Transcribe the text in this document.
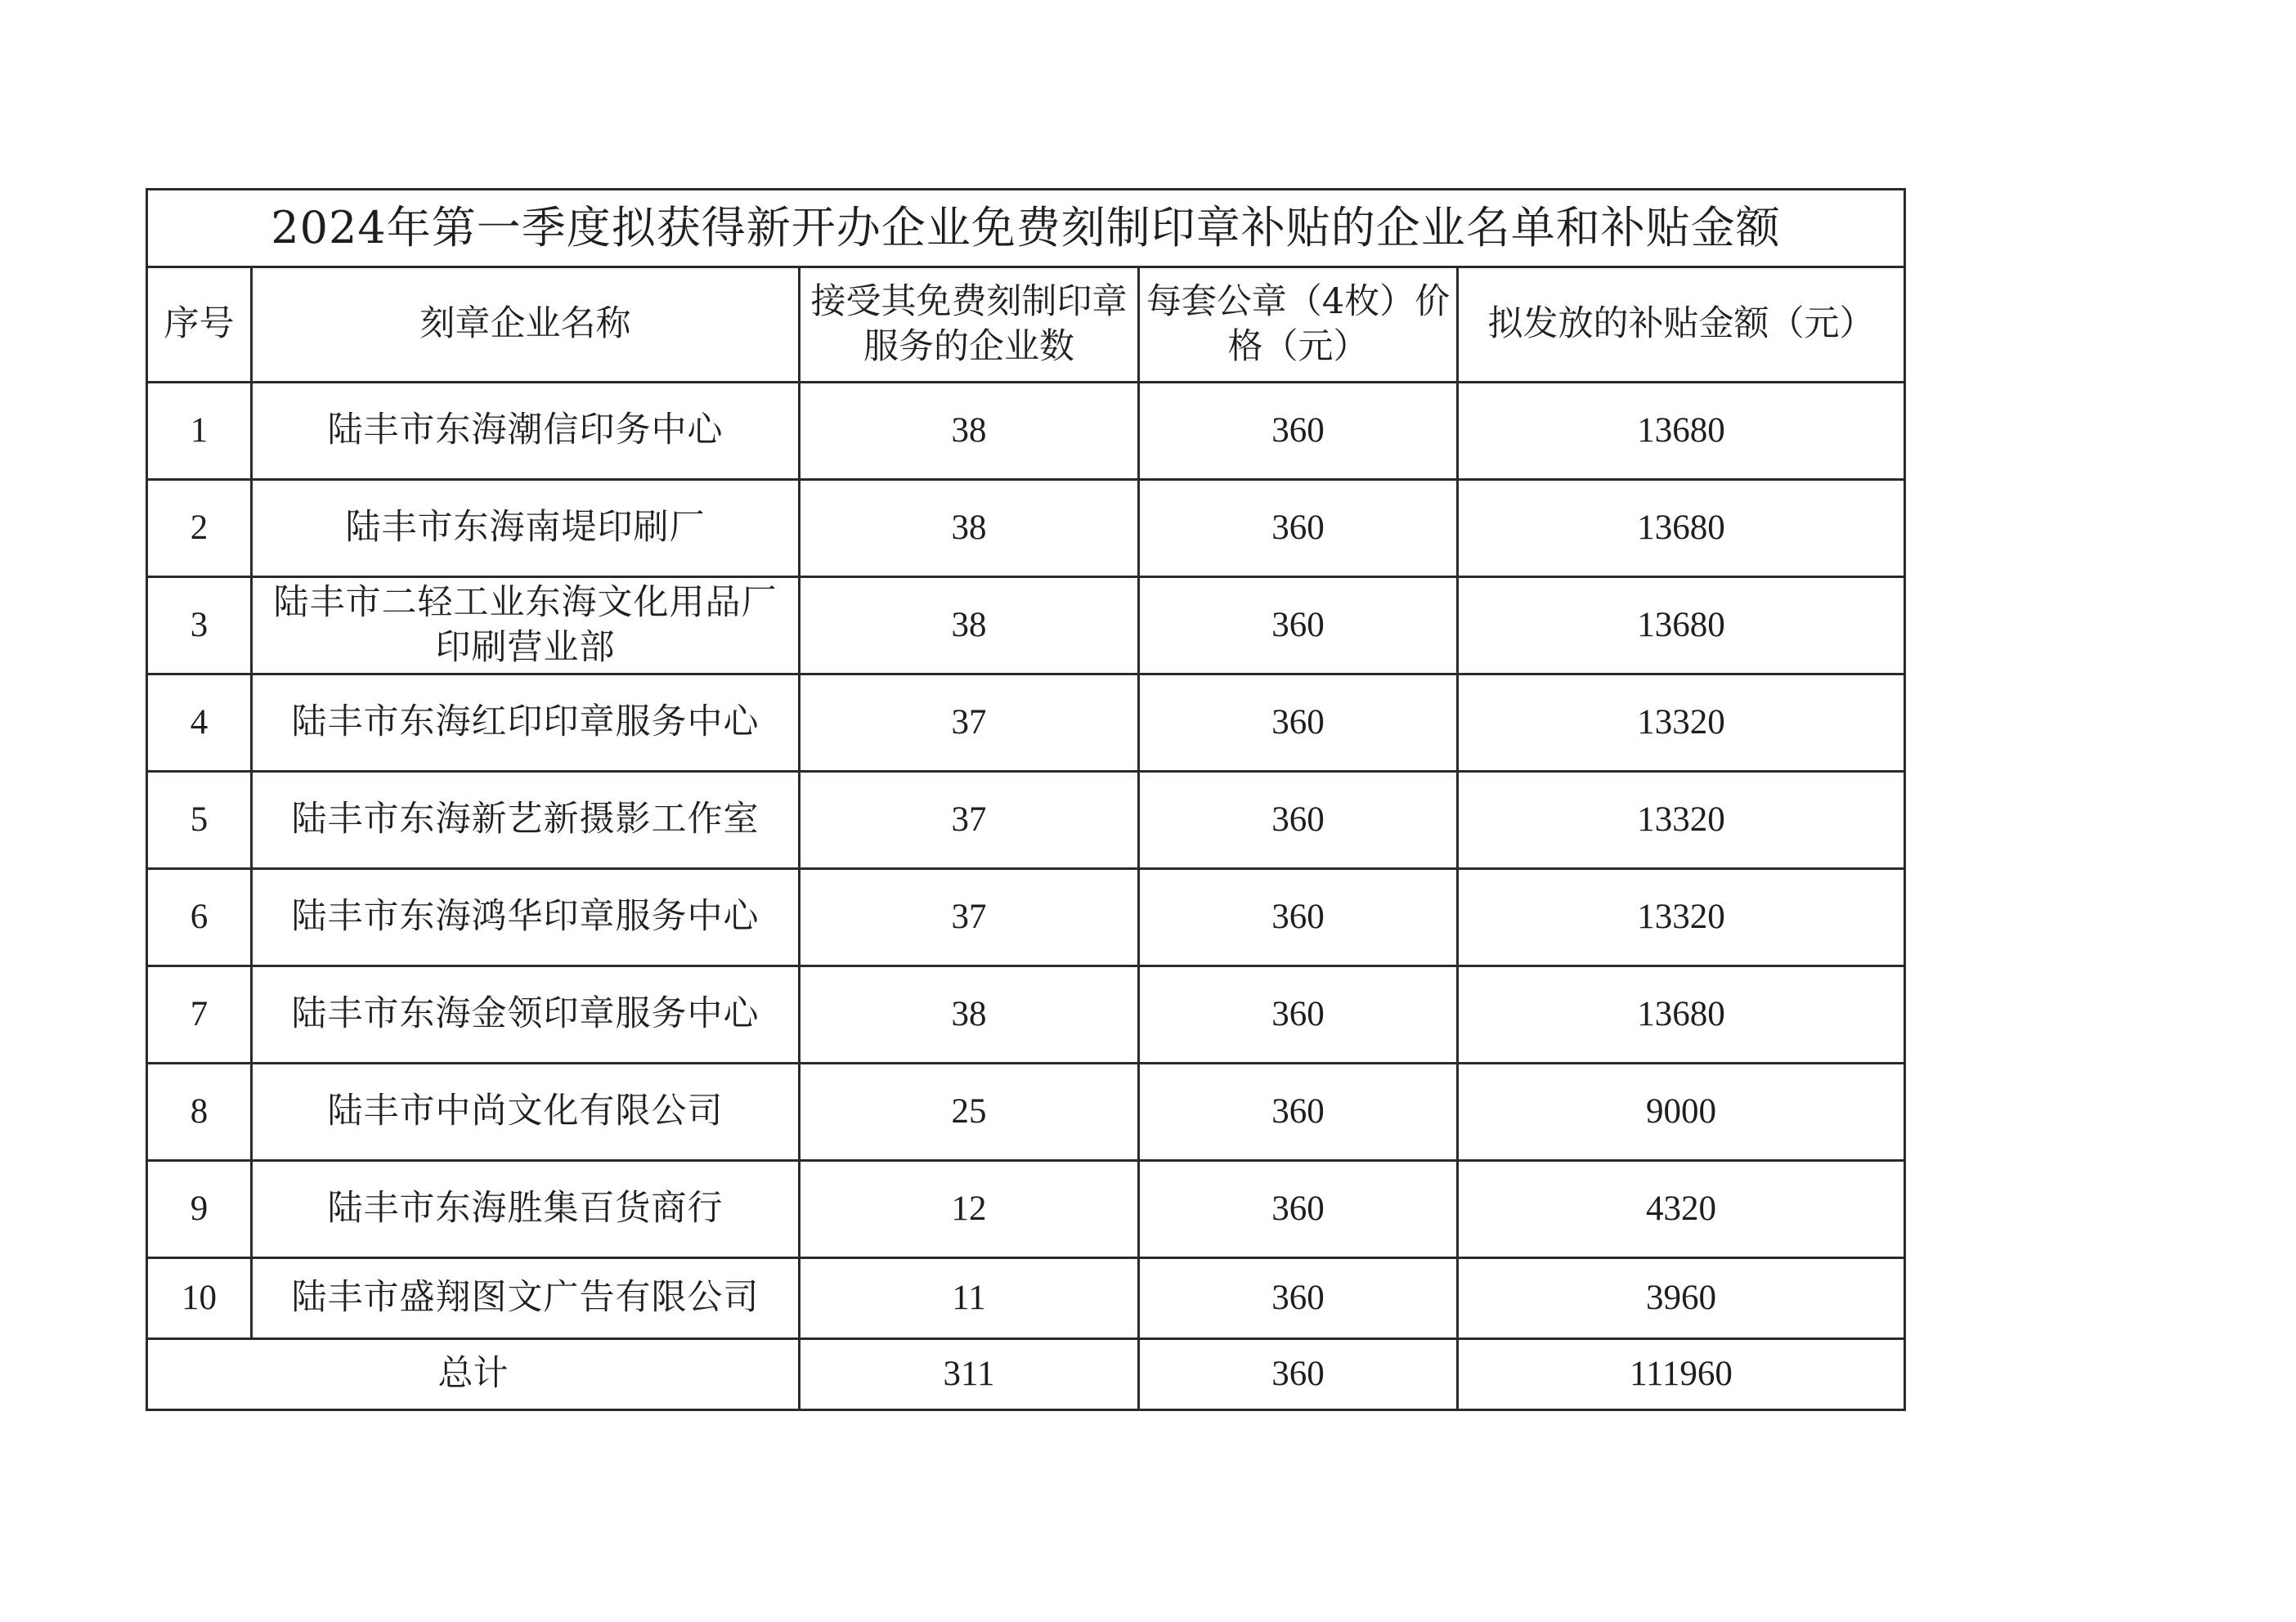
2024年第一季度拟获得新开办企业免费刻制印章补贴的企业名单和补贴金额				
序号	刻章企业名称	接受其免费刻制印章服务的企业数	每套公章（4枚）价格（元）	拟发放的补贴金额（元）
1	陆丰市东海潮信印务中心	38	360	13680
2	陆丰市东海南堤印刷厂	38	360	13680
3	陆丰市二轻工业东海文化用品厂印刷营业部	38	360	13680
4	陆丰市东海红印印章服务中心	37	360	13320
5	陆丰市东海新艺新摄影工作室	37	360	13320
6	陆丰市东海鸿华印章服务中心	37	360	13320
7	陆丰市东海金领印章服务中心	38	360	13680
8	陆丰市中尚文化有限公司	25	360	9000
9	陆丰市东海胜集百货商行	12	360	4320
10	陆丰市盛翔图文广告有限公司	11	360	3960
总计		311	360	111960
